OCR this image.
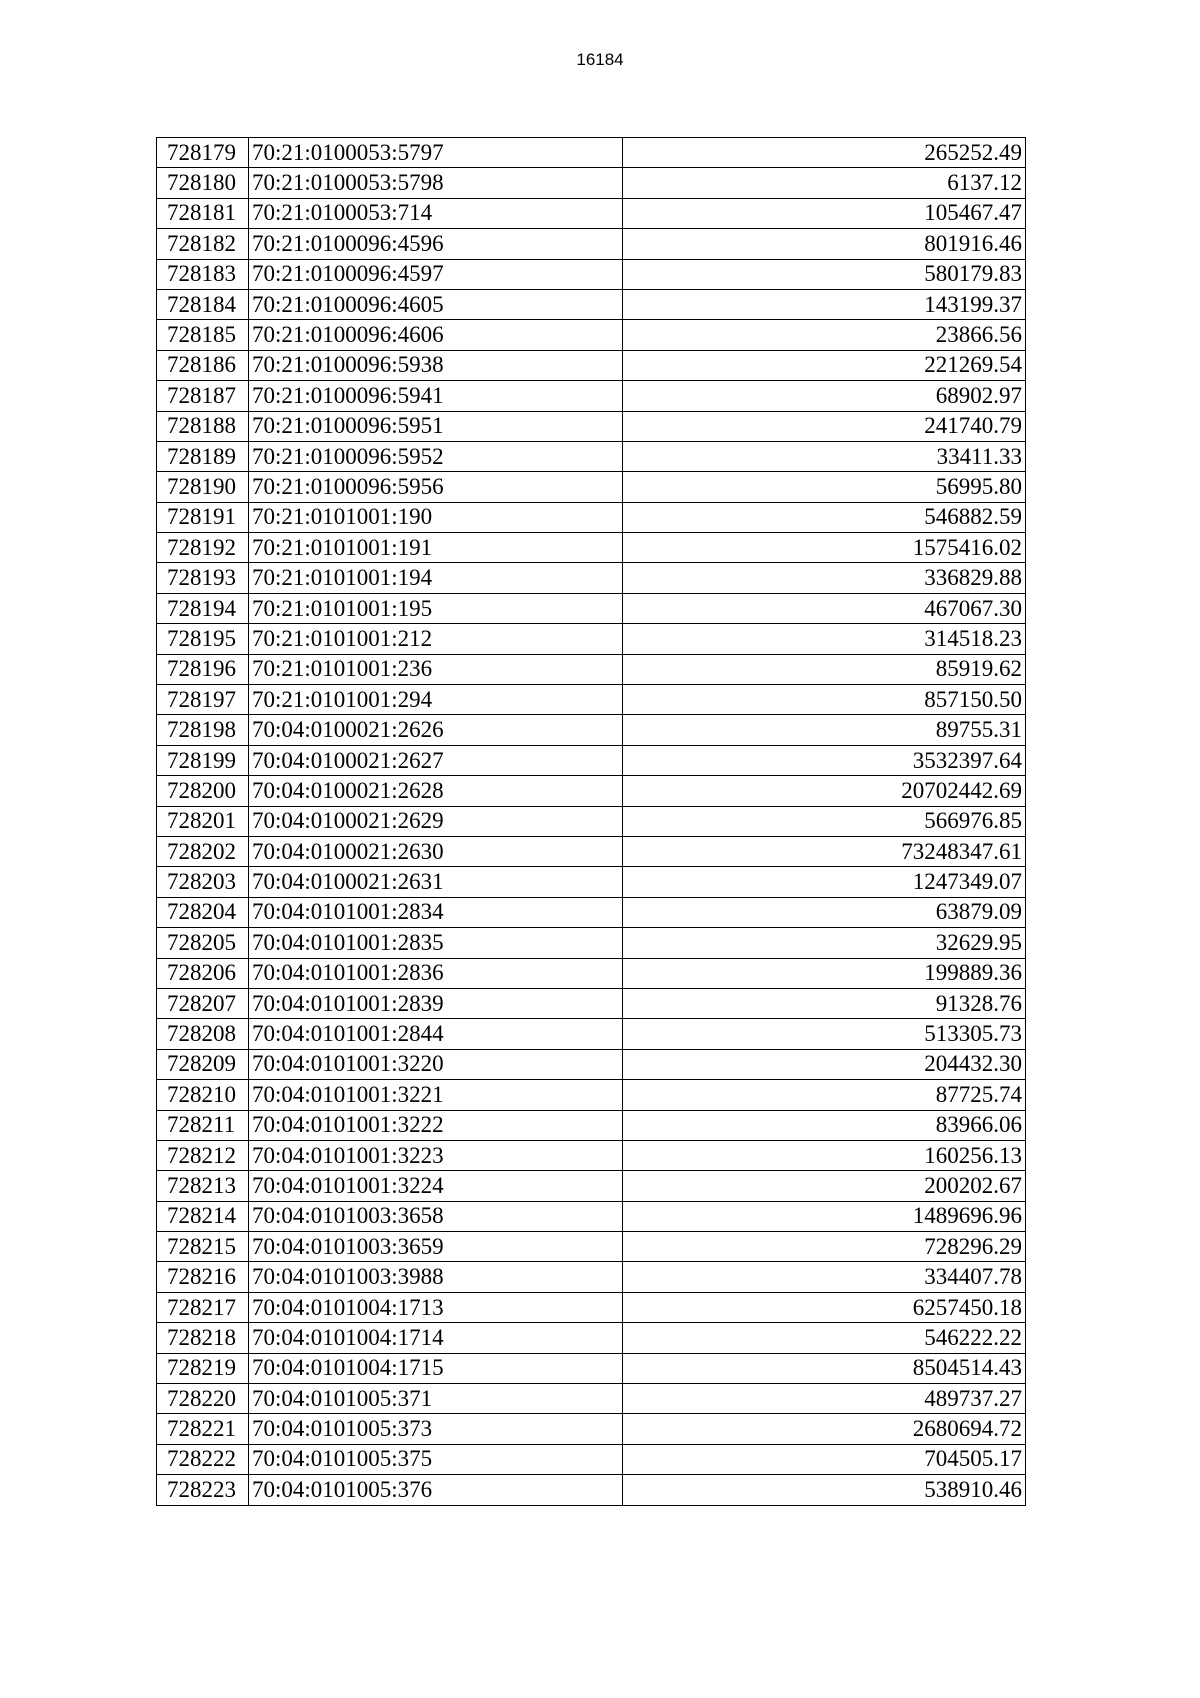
16184
728179	70:21:0100053:5797	265252.49
728180	70:21:0100053:5798	6137.12
728181	70:21:0100053:714	105467.47
728182	70:21:0100096:4596	801916.46
728183	70:21:0100096:4597	580179.83
728184	70:21:0100096:4605	143199.37
728185	70:21:0100096:4606	23866.56
728186	70:21:0100096:5938	221269.54
728187	70:21:0100096:5941	68902.97
728188	70:21:0100096:5951	241740.79
728189	70:21:0100096:5952	33411.33
728190	70:21:0100096:5956	56995.80
728191	70:21:0101001:190	546882.59
728192	70:21:0101001:191	1575416.02
728193	70:21:0101001:194	336829.88
728194	70:21:0101001:195	467067.30
728195	70:21:0101001:212	314518.23
728196	70:21:0101001:236	85919.62
728197	70:21:0101001:294	857150.50
728198	70:04:0100021:2626	89755.31
728199	70:04:0100021:2627	3532397.64
728200	70:04:0100021:2628	20702442.69
728201	70:04:0100021:2629	566976.85
728202	70:04:0100021:2630	73248347.61
728203	70:04:0100021:2631	1247349.07
728204	70:04:0101001:2834	63879.09
728205	70:04:0101001:2835	32629.95
728206	70:04:0101001:2836	199889.36
728207	70:04:0101001:2839	91328.76
728208	70:04:0101001:2844	513305.73
728209	70:04:0101001:3220	204432.30
728210	70:04:0101001:3221	87725.74
728211	70:04:0101001:3222	83966.06
728212	70:04:0101001:3223	160256.13
728213	70:04:0101001:3224	200202.67
728214	70:04:0101003:3658	1489696.96
728215	70:04:0101003:3659	728296.29
728216	70:04:0101003:3988	334407.78
728217	70:04:0101004:1713	6257450.18
728218	70:04:0101004:1714	546222.22
728219	70:04:0101004:1715	8504514.43
728220	70:04:0101005:371	489737.27
728221	70:04:0101005:373	2680694.72
728222	70:04:0101005:375	704505.17
728223	70:04:0101005:376	538910.46
